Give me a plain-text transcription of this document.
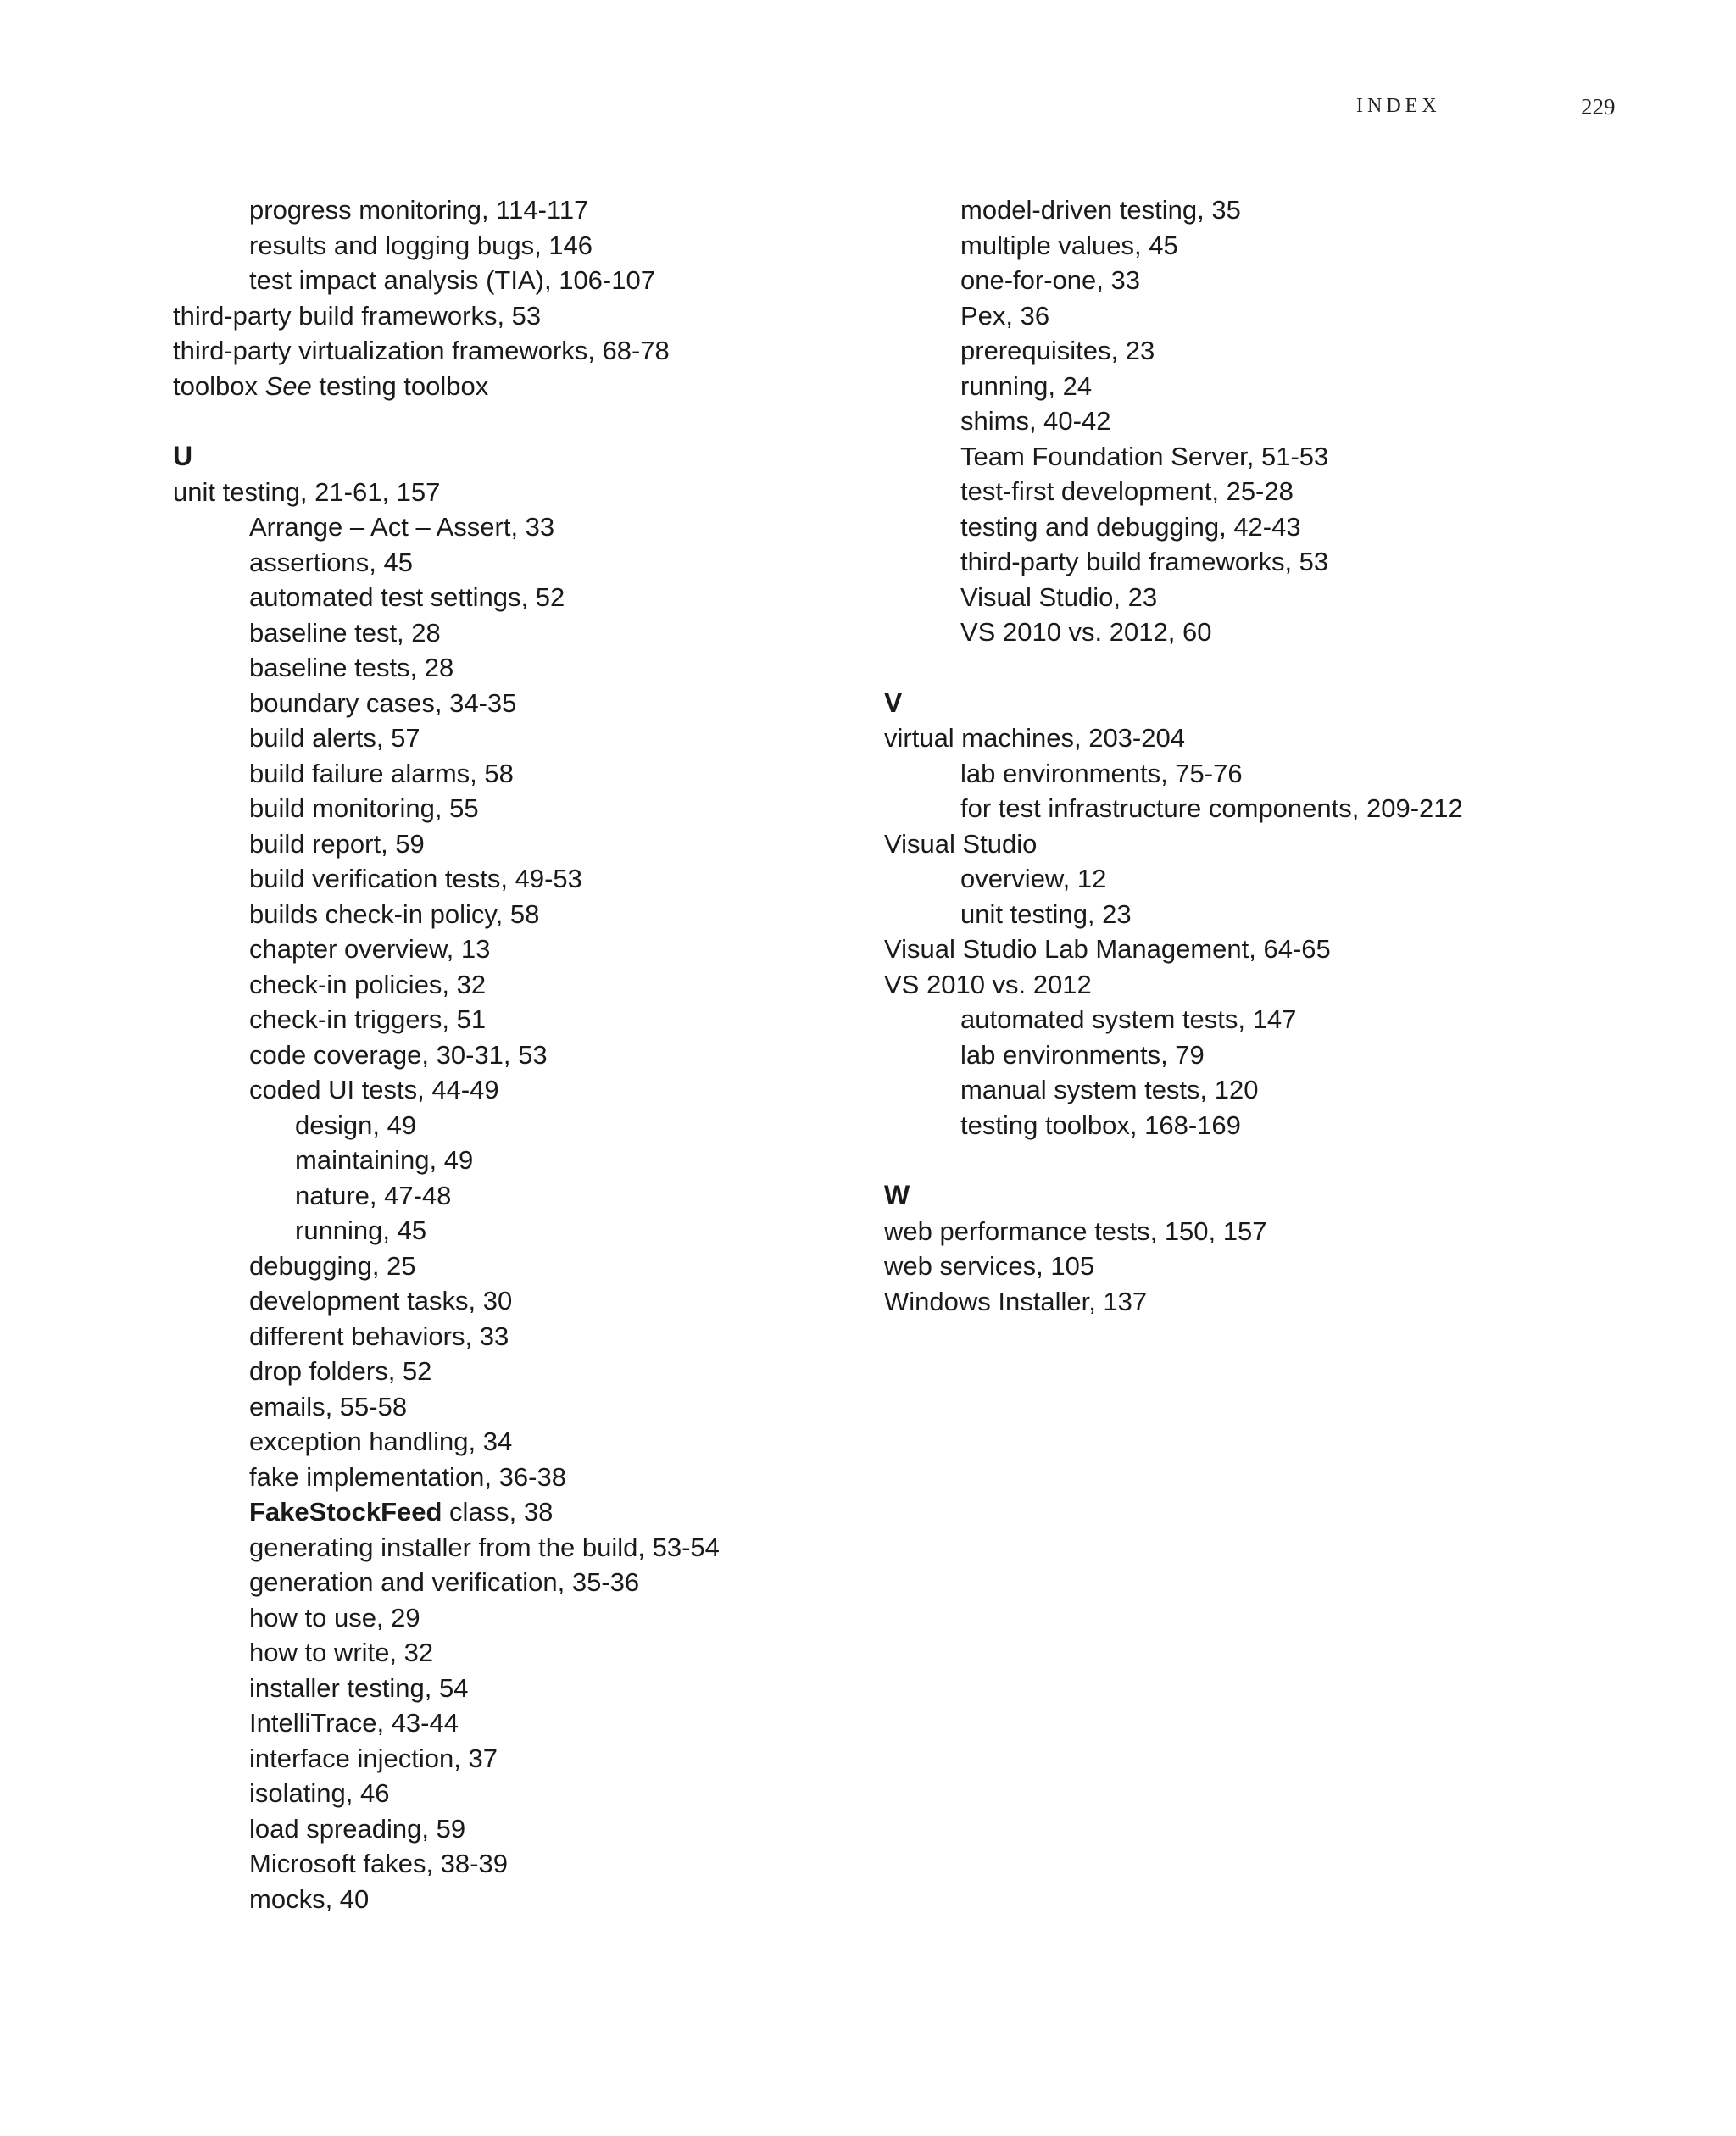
INDEX	229
progress monitoring, 114-117
results and logging bugs, 146
test impact analysis (TIA), 106-107
third-party build frameworks, 53
third-party virtualization frameworks, 68-78
toolbox See testing toolbox
U
unit testing, 21-61, 157
Arrange – Act – Assert, 33
assertions, 45
automated test settings, 52
baseline test, 28
baseline tests, 28
boundary cases, 34-35
build alerts, 57
build failure alarms, 58
build monitoring, 55
build report, 59
build verification tests, 49-53
builds check-in policy, 58
chapter overview, 13
check-in policies, 32
check-in triggers, 51
code coverage, 30-31, 53
coded UI tests, 44-49
design, 49
maintaining, 49
nature, 47-48
running, 45
debugging, 25
development tasks, 30
different behaviors, 33
drop folders, 52
emails, 55-58
exception handling, 34
fake implementation, 36-38
FakeStockFeed class, 38
generating installer from the build, 53-54
generation and verification, 35-36
how to use, 29
how to write, 32
installer testing, 54
IntelliTrace, 43-44
interface injection, 37
isolating, 46
load spreading, 59
Microsoft fakes, 38-39
mocks, 40
model-driven testing, 35
multiple values, 45
one-for-one, 33
Pex, 36
prerequisites, 23
running, 24
shims, 40-42
Team Foundation Server, 51-53
test-first development, 25-28
testing and debugging, 42-43
third-party build frameworks, 53
Visual Studio, 23
VS 2010 vs. 2012, 60
V
virtual machines, 203-204
lab environments, 75-76
for test infrastructure components, 209-212
Visual Studio
overview, 12
unit testing, 23
Visual Studio Lab Management, 64-65
VS 2010 vs. 2012
automated system tests, 147
lab environments, 79
manual system tests, 120
testing toolbox, 168-169
W
web performance tests, 150, 157
web services, 105
Windows Installer, 137
